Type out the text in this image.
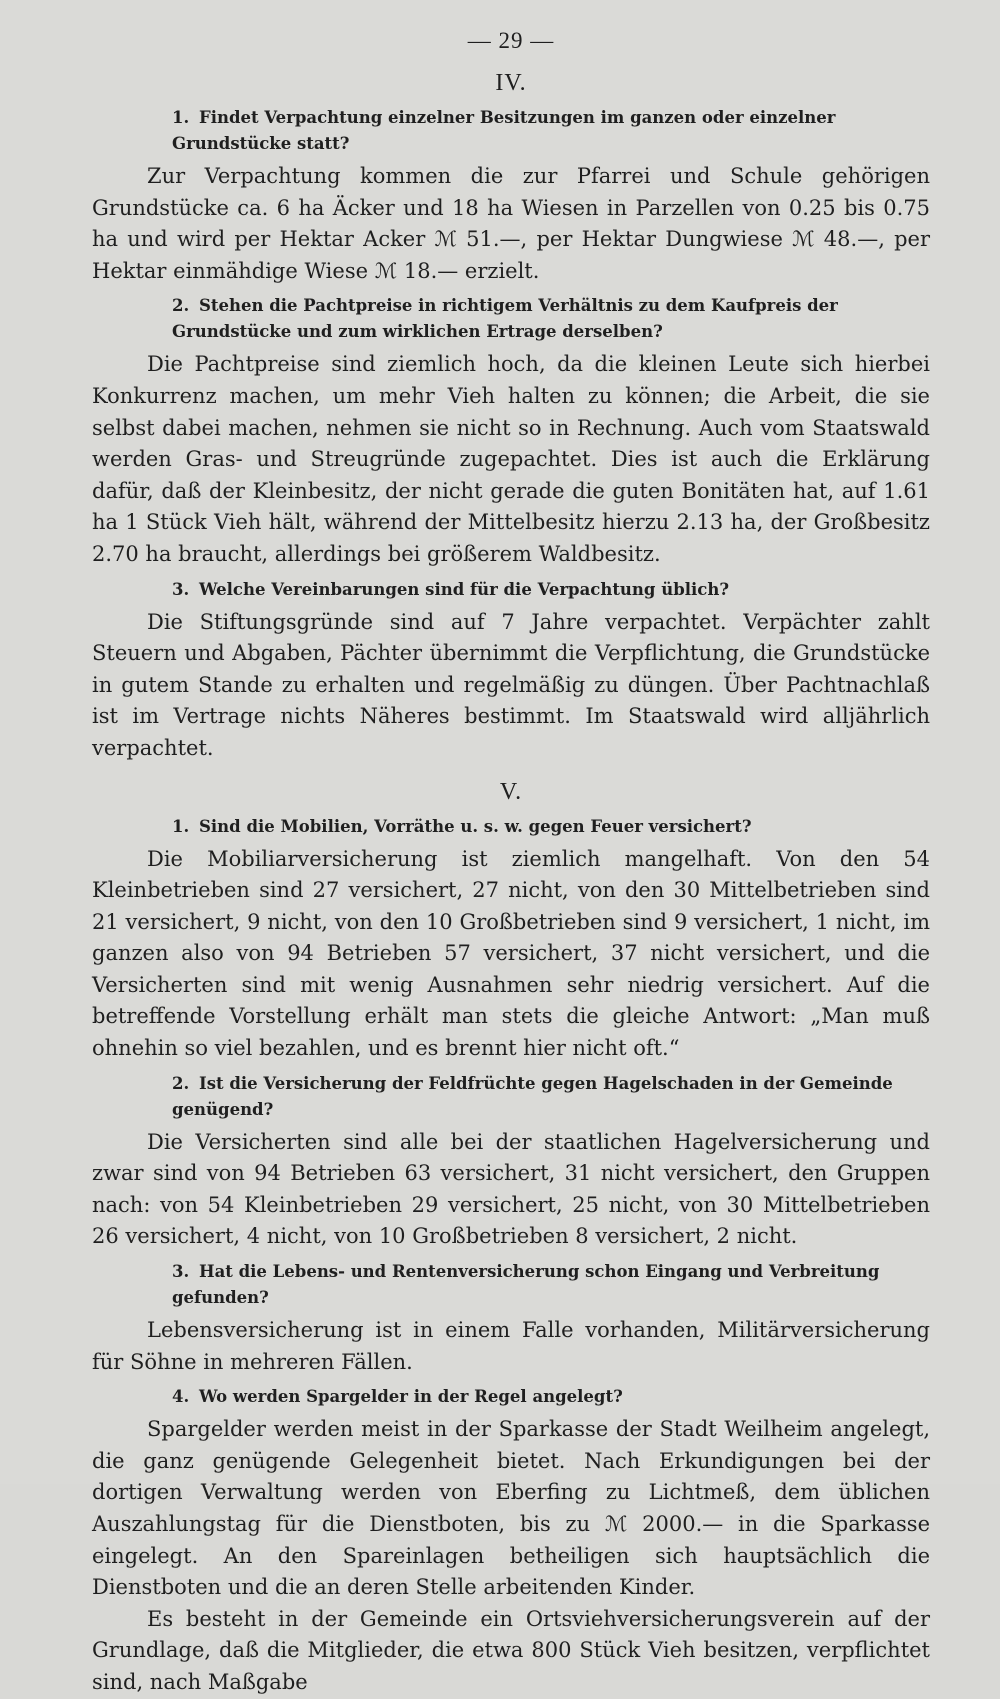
— 29 —
IV.
1. Findet Verpachtung einzelner Besitzungen im ganzen oder einzelner Grundstücke statt?

Zur Verpachtung kommen die zur Pfarrei und Schule gehörigen Grundstücke ca. 6 ha Äcker und 18 ha Wiesen in Parzellen von 0.25 bis 0.75 ha und wird per Hektar Acker ℳ 51.—, per Hektar Dungwiese ℳ 48.—, per Hektar einmähdige Wiese ℳ 18.— erzielt.

2. Stehen die Pachtpreise in richtigem Verhältnis zu dem Kaufpreis der Grundstücke und zum wirklichen Ertrage derselben?

Die Pachtpreise sind ziemlich hoch, da die kleinen Leute sich hierbei Konkurrenz machen, um mehr Vieh halten zu können; die Arbeit, die sie selbst dabei machen, nehmen sie nicht so in Rechnung. Auch vom Staatswald werden Gras- und Streugründe zugepachtet. Dies ist auch die Erklärung dafür, daß der Kleinbesitz, der nicht gerade die guten Bonitäten hat, auf 1.61 ha 1 Stück Vieh hält, während der Mittelbesitz hierzu 2.13 ha, der Großbesitz 2.70 ha braucht, allerdings bei größerem Waldbesitz.

3. Welche Vereinbarungen sind für die Verpachtung üblich?

Die Stiftungsgründe sind auf 7 Jahre verpachtet. Verpächter zahlt Steuern und Abgaben, Pächter übernimmt die Verpflichtung, die Grundstücke in gutem Stande zu erhalten und regelmäßig zu düngen. Über Pachtnachlaß ist im Vertrage nichts Näheres bestimmt. Im Staatswald wird alljährlich verpachtet.

V.
1. Sind die Mobilien, Vorräthe u. s. w. gegen Feuer versichert?

Die Mobiliarversicherung ist ziemlich mangelhaft. Von den 54 Kleinbetrieben sind 27 versichert, 27 nicht, von den 30 Mittelbetrieben sind 21 versichert, 9 nicht, von den 10 Großbetrieben sind 9 versichert, 1 nicht, im ganzen also von 94 Betrieben 57 versichert, 37 nicht versichert, und die Versicherten sind mit wenig Ausnahmen sehr niedrig versichert. Auf die betreffende Vorstellung erhält man stets die gleiche Antwort: „Man muß ohnehin so viel bezahlen, und es brennt hier nicht oft.“

2. Ist die Versicherung der Feldfrüchte gegen Hagelschaden in der Gemeinde genügend?

Die Versicherten sind alle bei der staatlichen Hagelversicherung und zwar sind von 94 Betrieben 63 versichert, 31 nicht versichert, den Gruppen nach: von 54 Kleinbetrieben 29 versichert, 25 nicht, von 30 Mittelbetrieben 26 versichert, 4 nicht, von 10 Großbetrieben 8 versichert, 2 nicht.

3. Hat die Lebens- und Rentenversicherung schon Eingang und Verbreitung gefunden?

Lebensversicherung ist in einem Falle vorhanden, Militärversicherung für Söhne in mehreren Fällen.

4. Wo werden Spargelder in der Regel angelegt?

Spargelder werden meist in der Sparkasse der Stadt Weilheim angelegt, die ganz genügende Gelegenheit bietet. Nach Erkundigungen bei der dortigen Verwaltung werden von Eberfing zu Lichtmeß, dem üblichen Auszahlungstag für die Dienstboten, bis zu ℳ 2000.— in die Sparkasse eingelegt. An den Spareinlagen betheiligen sich hauptsächlich die Dienstboten und die an deren Stelle arbeitenden Kinder.

Es besteht in der Gemeinde ein Ortsviehversicherungsverein auf der Grundlage, daß die Mitglieder, die etwa 800 Stück Vieh besitzen, verpflichtet sind, nach Maßgabe
